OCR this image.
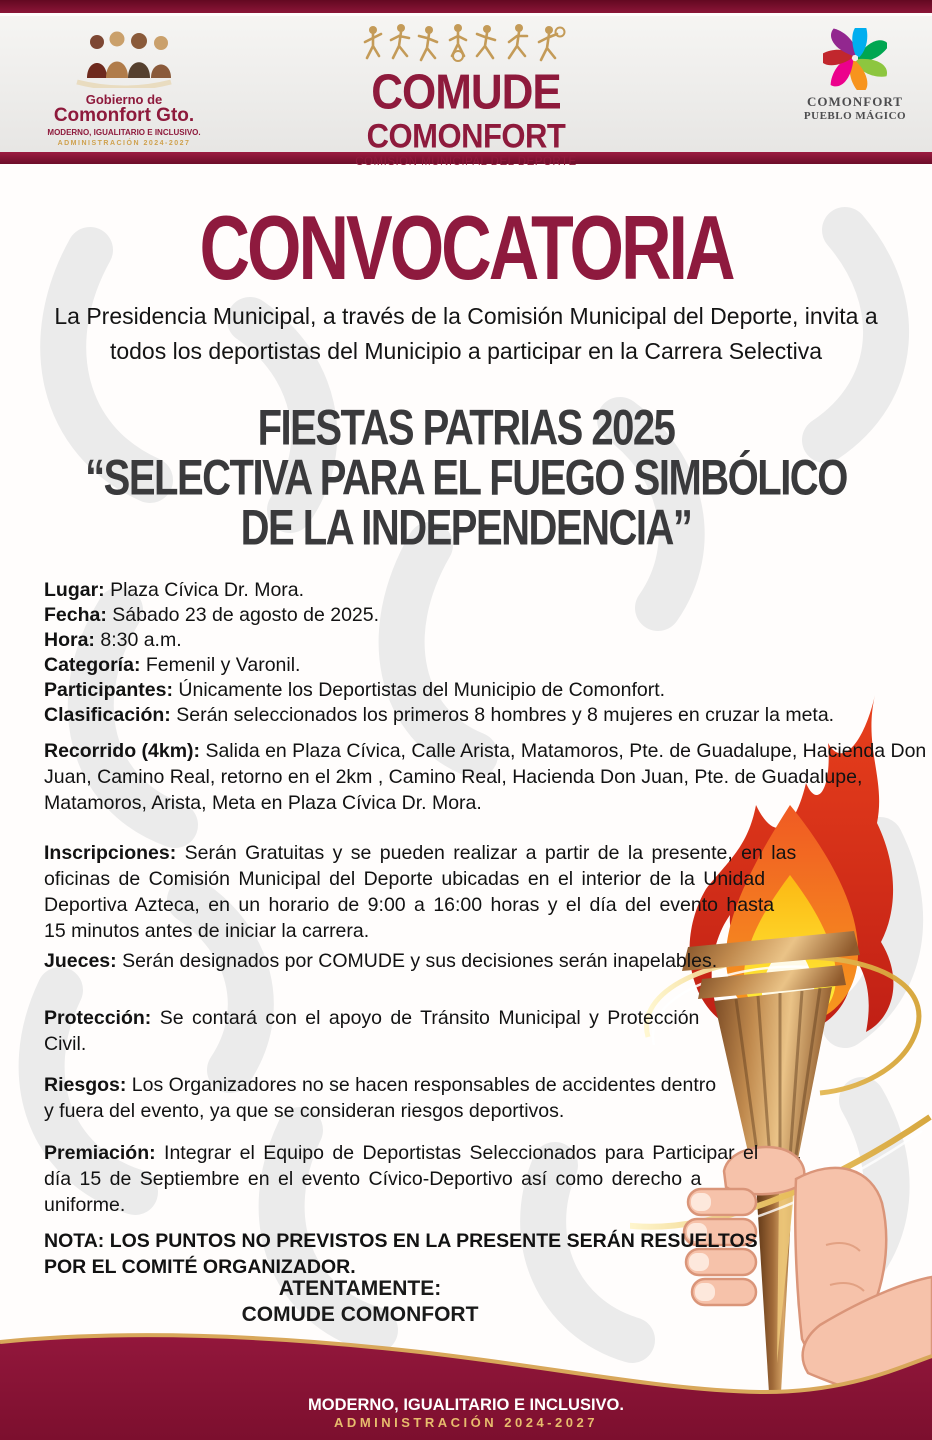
Gobierno de
Comonfort Gto.
MODERNO, IGUALITARIO E INCLUSIVO.
ADMINISTRACIÓN 2024-2027
COMUDE
COMONFORT
COMISIÓN MUNICIPAL DEL DEPORTE
COMONFORT
PUEBLO MÁGICO
CONVOCATORIA
La Presidencia Municipal, a través de la Comisión Municipal del Deporte, invita a
todos los deportistas del Municipio a participar en la Carrera Selectiva
FIESTAS PATRIAS 2025
“SELECTIVA PARA EL FUEGO SIMBÓLICO
DE LA INDEPENDENCIA”
Lugar: Plaza Cívica Dr. Mora.
Fecha: Sábado 23 de agosto de 2025.
Hora: 8:30 a.m.
Categoría: Femenil y Varonil.
Participantes: Únicamente los Deportistas del Municipio de Comonfort.
Clasificación: Serán seleccionados los primeros 8 hombres y 8 mujeres en cruzar la meta.
Recorrido (4km): Salida en Plaza Cívica, Calle Arista, Matamoros, Pte. de Guadalupe, Hacienda Don
Juan, Camino Real, retorno en el 2km , Camino Real, Hacienda Don Juan, Pte. de Guadalupe,
Matamoros, Arista, Meta en Plaza Cívica Dr. Mora.
Inscripciones: Serán Gratuitas y se pueden realizar a partir de la presente, en las
oficinas de Comisión Municipal del Deporte ubicadas en el interior de la Unidad
Deportiva Azteca, en un horario de 9:00 a 16:00 horas y el día del evento hasta
15 minutos antes de iniciar la carrera.
Jueces: Serán designados por COMUDE y sus decisiones serán inapelables.
Protección: Se contará con el apoyo de Tránsito Municipal y Protección
Civil.
Riesgos: Los Organizadores no se hacen responsables de accidentes dentro
y fuera del evento, ya que se consideran riesgos deportivos.
Premiación: Integrar el Equipo de Deportistas Seleccionados para Participar el
día 15 de Septiembre en el evento Cívico-Deportivo así como derecho a
uniforme.
NOTA: LOS PUNTOS NO PREVISTOS EN LA PRESENTE SERÁN RESUELTOS
POR EL COMITÉ ORGANIZADOR.
ATENTAMENTE:
COMUDE COMONFORT
MODERNO, IGUALITARIO E INCLUSIVO.
ADMINISTRACIÓN 2024-2027
